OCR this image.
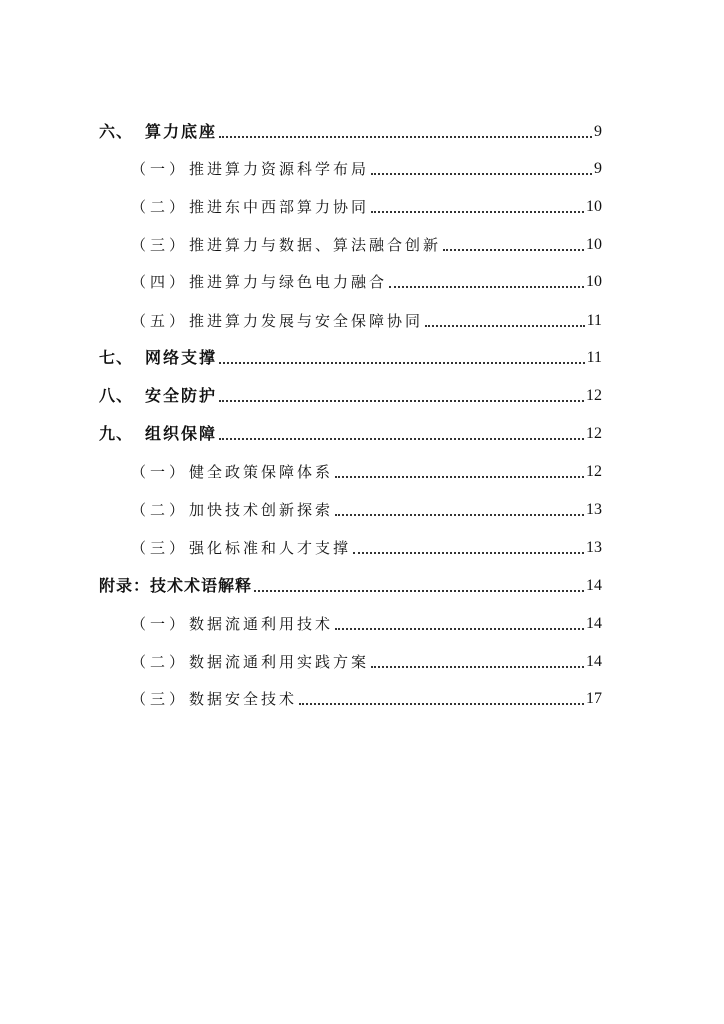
六、 算力底座	9
（一） 推进算力资源科学布局	9
（二） 推进东中西部算力协同	10
（三） 推进算力与数据、算法融合创新	10
（四） 推进算力与绿色电力融合	10
（五） 推进算力发展与安全保障协同	11
七、 网络支撑	11
八、 安全防护	12
九、 组织保障	12
（一） 健全政策保障体系	12
（二） 加快技术创新探索	13
（三） 强化标准和人才支撑	13
附录：技术术语解释	14
（一） 数据流通利用技术	14
（二） 数据流通利用实践方案	14
（三） 数据安全技术	17
